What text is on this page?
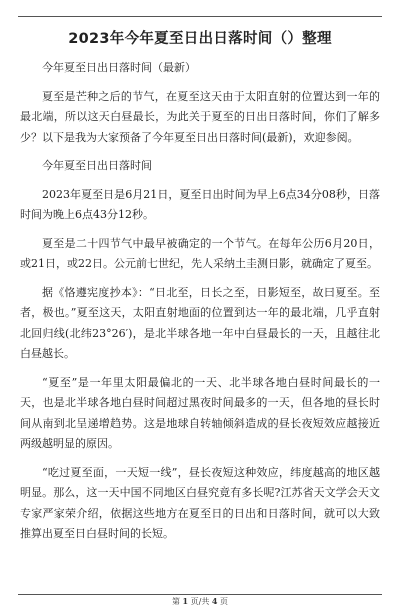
2023年今年夏至日出日落时间（）整理

今年夏至日出日落时间（最新）

夏至是芒种之后的节气，在夏至这天由于太阳直射的位置达到一年的最北端，所以这天白昼最长，为此关于夏至的日出日落时间，你们了解多少？以下是我为大家预备了今年夏至日出日落时间(最新)，欢迎参阅。

今年夏至日出日落时间

2023年夏至日是6月21日，夏至日出时间为早上6点34分08秒，日落时间为晚上6点43分12秒。

夏至是二十四节气中最早被确定的一个节气。在每年公历6月20日，或21日，或22日。公元前七世纪，先人采纳土圭测日影，就确定了夏至。

据《恪遵宪度抄本》：“日北至，日长之至，日影短至，故曰夏至。至者，极也。”夏至这天，太阳直射地面的位置到达一年的最北端，几乎直射北回归线(北纬23°26′)，是北半球各地一年中白昼最长的一天，且越往北白昼越长。

“夏至”是一年里太阳最偏北的一天、北半球各地白昼时间最长的一天，也是北半球各地白昼时间超过黑夜时间最多的一天，但各地的昼长时间从南到北呈递增趋势。这是地球自转轴倾斜造成的昼长夜短效应越接近两级越明显的原因。

“吃过夏至面，一天短一线”，昼长夜短这种效应，纬度越高的地区越明显。那么，这一天中国不同地区白昼究竟有多长呢?江苏省天文学会天文专家严家荣介绍，依据这些地方在夏至日的日出和日落时间，就可以大致推算出夏至日白昼时间的长短。

第 1 页/共 4 页
